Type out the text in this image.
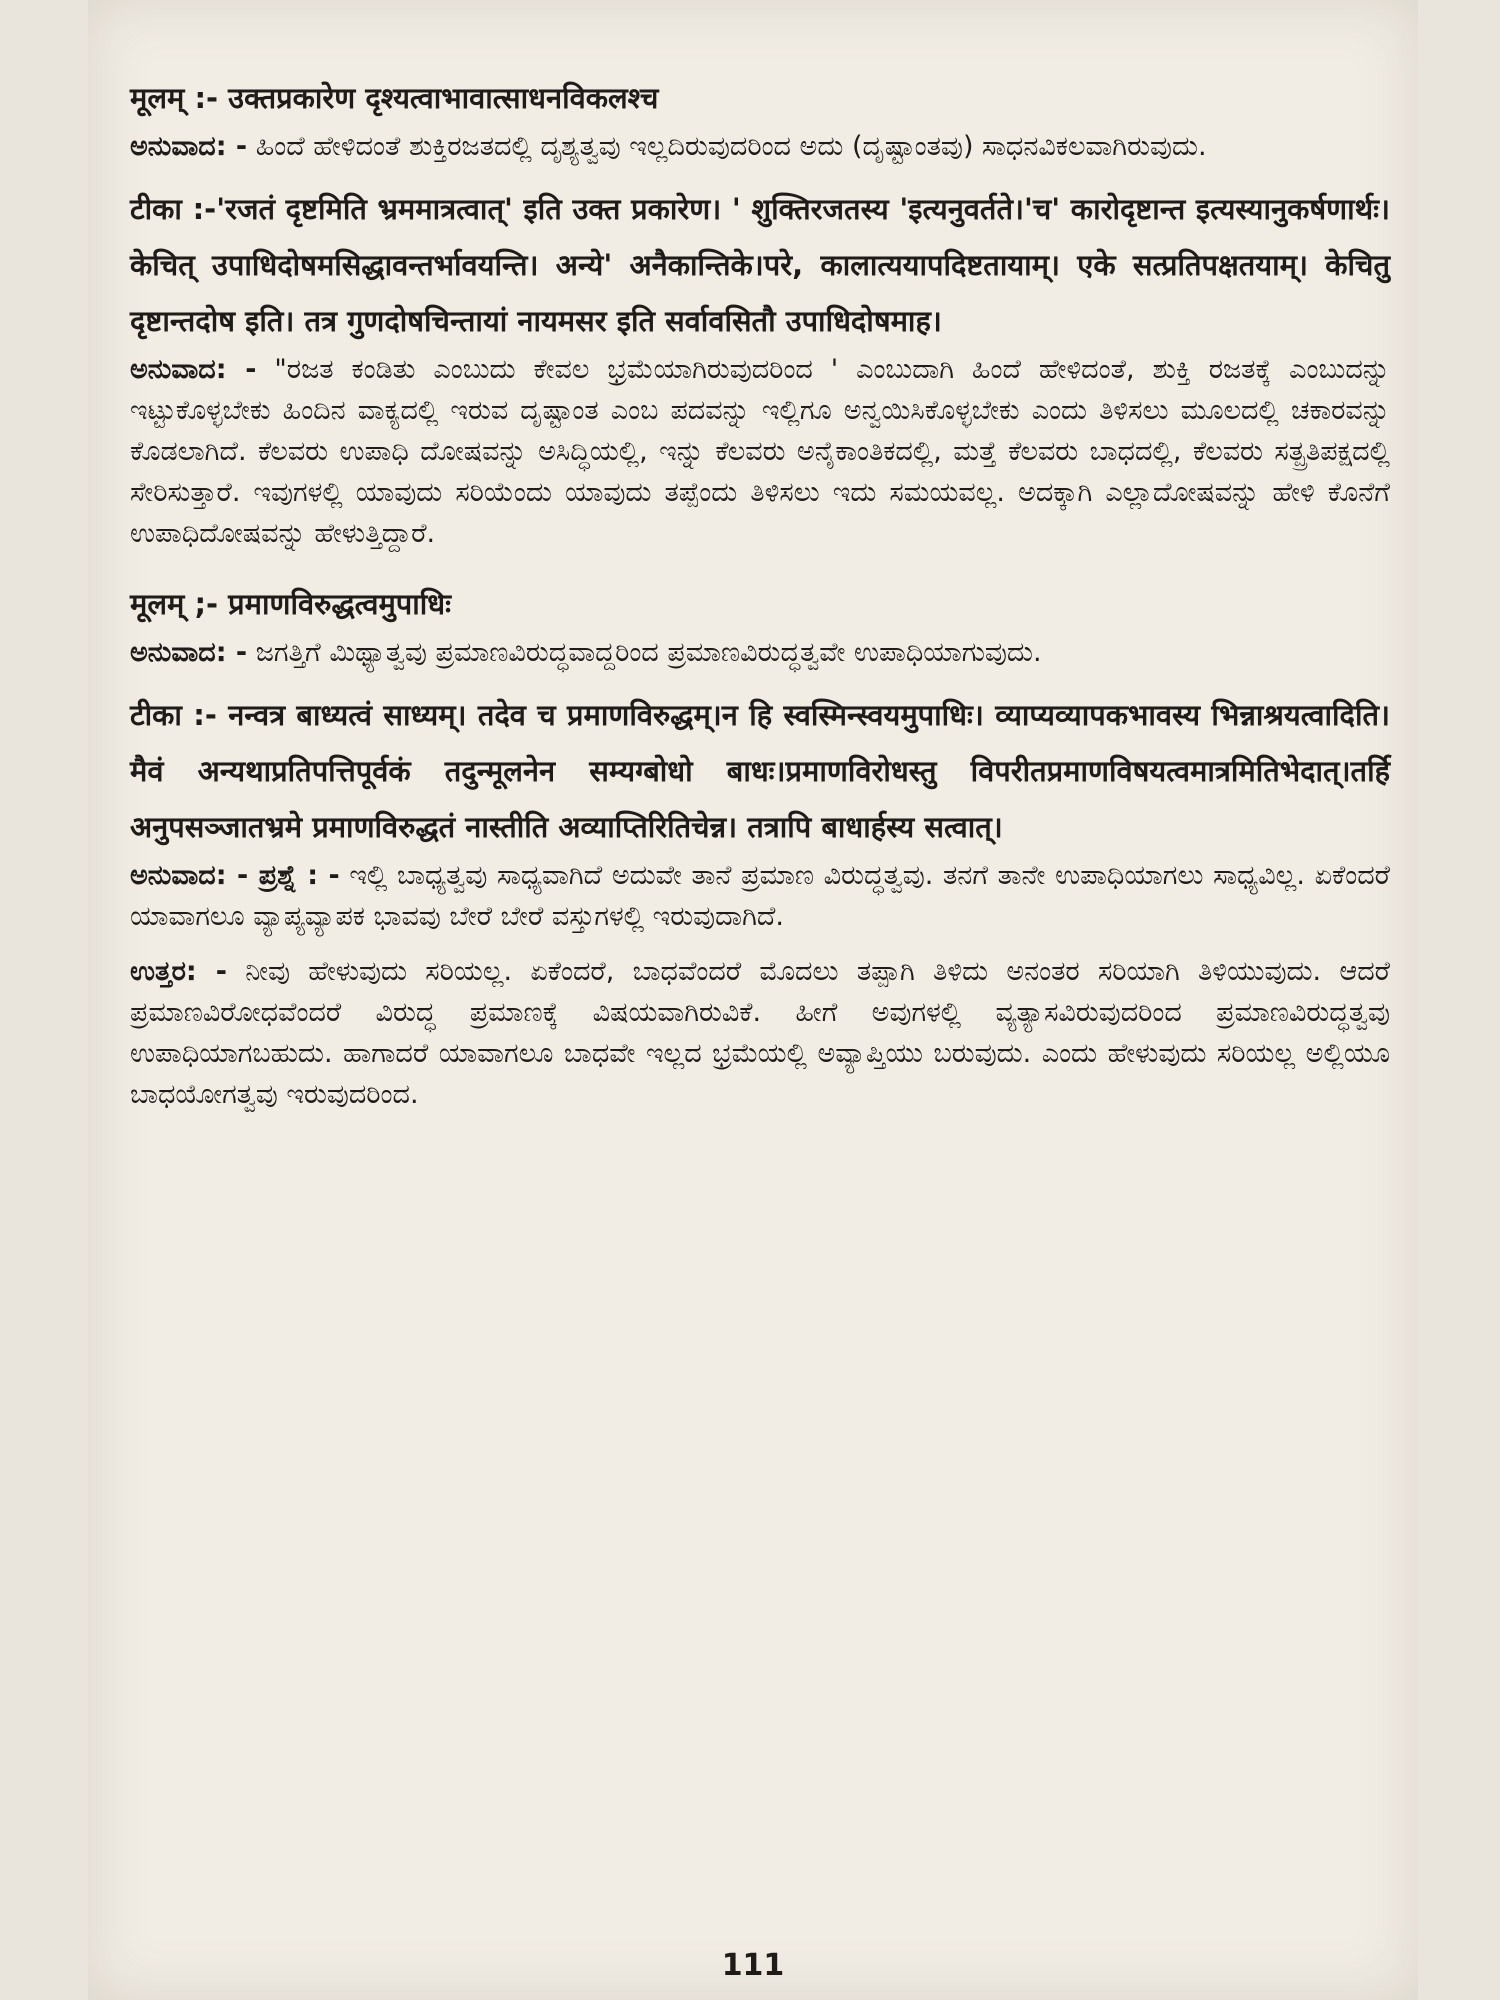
मूलम् :- उक्तप्रकारेण दृश्यत्वाभावात्साधनविकलश्च

ಅನುವಾದ: - ಹಿಂದೆ ಹೇಳಿದಂತೆ ಶುಕ್ತಿರಜತದಲ್ಲಿ ದೃಶ್ಯತ್ವವು ಇಲ್ಲದಿರುವುದರಿಂದ ಅದು (ದೃಷ್ಟಾಂತವು) ಸಾಧನವಿಕಲವಾಗಿರುವುದು.

टीका :-'रजतं दृष्टमिति भ्रममात्रत्वात्' इति उक्त प्रकारेण। ' शुक्तिरजतस्य 'इत्यनुवर्तते।'च' कारोदृष्टान्त इत्यस्यानुकर्षणार्थः। केचित् उपाधिदोषमसिद्धावन्तर्भावयन्ति। अन्ये' अनैकान्तिके।परे, कालात्ययापदिष्टतायाम्। एके सत्प्रतिपक्षतयाम्। केचितु दृष्टान्तदोष इति। तत्र गुणदोषचिन्तायां नायमसर इति सर्वावसितौ उपाधिदोषमाह।

ಅನುವಾದ: - "ರಜತ ಕಂಡಿತು ಎಂಬುದು ಕೇವಲ ಭ್ರಮೆಯಾಗಿರುವುದರಿಂದ ' ಎಂಬುದಾಗಿ ಹಿಂದೆ ಹೇಳಿದಂತೆ, ಶುಕ್ತಿ ರಜತಕ್ಕೆ ಎಂಬುದನ್ನು ಇಟ್ಟುಕೊಳ್ಳಬೇಕು ಹಿಂದಿನ ವಾಕ್ಯದಲ್ಲಿ ಇರುವ ದೃಷ್ಟಾಂತ ಎಂಬ ಪದವನ್ನು ಇಲ್ಲಿಗೂ ಅನ್ವಯಿಸಿಕೊಳ್ಳಬೇಕು ಎಂದು ತಿಳಿಸಲು ಮೂಲದಲ್ಲಿ ಚಕಾರವನ್ನು ಕೊಡಲಾಗಿದೆ. ಕೆಲವರು ಉಪಾಧಿ ದೋಷವನ್ನು ಅಸಿದ್ಧಿಯಲ್ಲಿ, ಇನ್ನು ಕೆಲವರು ಅನೈಕಾಂತಿಕದಲ್ಲಿ, ಮತ್ತೆ ಕೆಲವರು ಬಾಧದಲ್ಲಿ, ಕೆಲವರು ಸತ್ಪ್ರತಿಪಕ್ಷದಲ್ಲಿ ಸೇರಿಸುತ್ತಾರೆ. ಇವುಗಳಲ್ಲಿ ಯಾವುದು ಸರಿಯೆಂದು ಯಾವುದು ತಪ್ಪೆಂದು ತಿಳಿಸಲು ಇದು ಸಮಯವಲ್ಲ. ಅದಕ್ಕಾಗಿ ಎಲ್ಲಾದೋಷವನ್ನು ಹೇಳಿ ಕೊನೆಗೆ ಉಪಾಧಿದೋಷವನ್ನು ಹೇಳುತ್ತಿದ್ದಾರೆ.

मूलम् ;- प्रमाणविरुद्धत्वमुपाधिः

ಅನುವಾದ: - ಜಗತ್ತಿಗೆ ಮಿಥ್ಯಾತ್ವವು ಪ್ರಮಾಣವಿರುದ್ಧವಾದ್ದರಿಂದ ಪ್ರಮಾಣವಿರುದ್ಧತ್ವವೇ ಉಪಾಧಿಯಾಗುವುದು.

टीका :- नन्वत्र बाध्यत्वं साध्यम्। तदेव च प्रमाणविरुद्धम्।न हि स्वस्मिन्स्वयमुपाधिः। व्याप्यव्यापकभावस्य भिन्नाश्रयत्वादिति।मैवं अन्यथाप्रतिपत्तिपूर्वकं तदुन्मूलनेन सम्यग्बोधो बाधः।प्रमाणविरोधस्तु विपरीतप्रमाणविषयत्वमात्रमितिभेदात्।तर्हि अनुपसञ्जातभ्रमे प्रमाणविरुद्धतं नास्तीति अव्याप्तिरितिचेन्न। तत्रापि बाधार्हस्य सत्वात्।

ಅನುವಾದ: - ಪ್ರಶ್ನೆ : - ಇಲ್ಲಿ ಬಾಧ್ಯತ್ವವು ಸಾಧ್ಯವಾಗಿದೆ ಅದುವೇ ತಾನೆ ಪ್ರಮಾಣ ವಿರುದ್ಧತ್ವವು. ತನಗೆ ತಾನೇ ಉಪಾಧಿಯಾಗಲು ಸಾಧ್ಯವಿಲ್ಲ. ಏಕೆಂದರೆ ಯಾವಾಗಲೂ ವ್ಯಾಪ್ಯವ್ಯಾಪಕ ಭಾವವು ಬೇರೆ ಬೇರೆ ವಸ್ತುಗಳಲ್ಲಿ ಇರುವುದಾಗಿದೆ.

ಉತ್ತರ: - ನೀವು ಹೇಳುವುದು ಸರಿಯಲ್ಲ. ಏಕೆಂದರೆ, ಬಾಧವೆಂದರೆ ಮೊದಲು ತಪ್ಪಾಗಿ ತಿಳಿದು ಅನಂತರ ಸರಿಯಾಗಿ ತಿಳಿಯುವುದು. ಆದರೆ ಪ್ರಮಾಣವಿರೋಧವೆಂದರೆ ವಿರುದ್ಧ ಪ್ರಮಾಣಕ್ಕೆ ವಿಷಯವಾಗಿರುವಿಕೆ. ಹೀಗೆ ಅವುಗಳಲ್ಲಿ ವ್ಯತ್ಯಾಸವಿರುವುದರಿಂದ ಪ್ರಮಾಣವಿರುದ್ಧತ್ವವು ಉಪಾಧಿಯಾಗಬಹುದು. ಹಾಗಾದರೆ ಯಾವಾಗಲೂ ಬಾಧವೇ ಇಲ್ಲದ ಭ್ರಮೆಯಲ್ಲಿ ಅವ್ಯಾಪ್ತಿಯು ಬರುವುದು. ಎಂದು ಹೇಳುವುದು ಸರಿಯಲ್ಲ ಅಲ್ಲಿಯೂ ಬಾಧಯೋಗತ್ವವು ಇರುವುದರಿಂದ.

111
